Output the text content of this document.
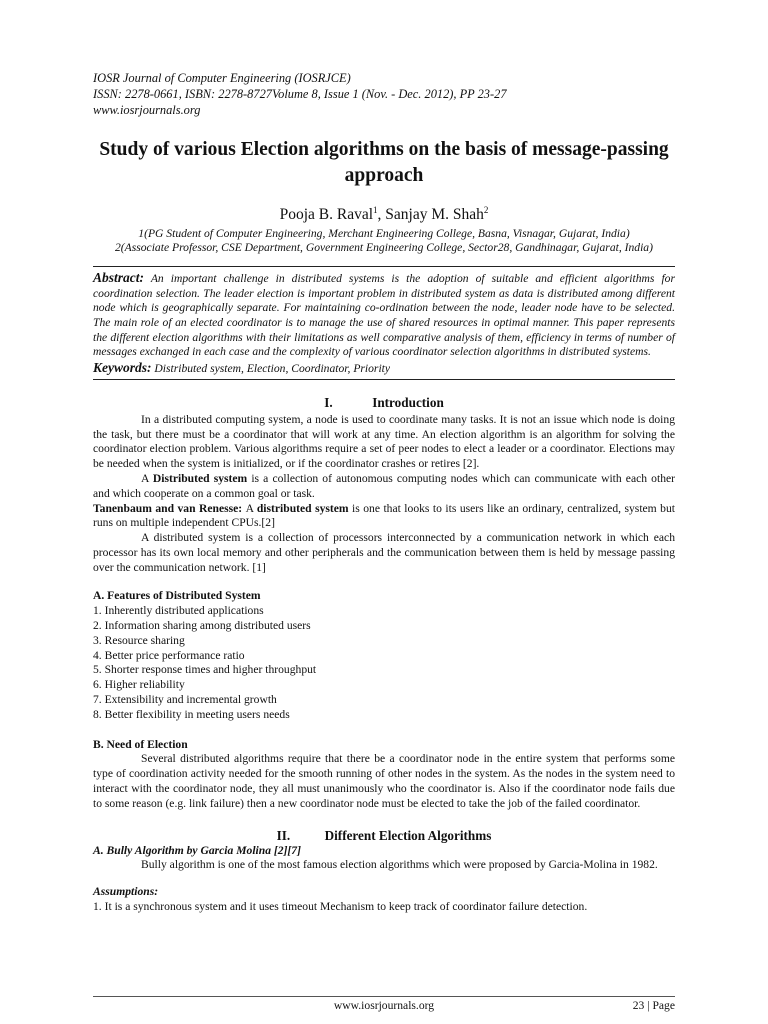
IOSR Journal of Computer Engineering (IOSRJCE)
ISSN: 2278-0661, ISBN: 2278-8727Volume 8, Issue 1 (Nov. - Dec. 2012), PP 23-27
www.iosrjournals.org
Study of various Election algorithms on the basis of message-passing approach
Pooja B. Raval$^1$, Sanjay M. Shah$^2$
1(PG Student of Computer Engineering, Merchant Engineering College, Basna, Visnagar, Gujarat, India)
2(Associate Professor, CSE Department, Government Engineering College, Sector28, Gandhinagar, Gujarat, India)

Abstract: An important challenge in distributed systems is the adoption of suitable and efficient algorithms for coordination selection. The leader election is important problem in distributed system as data is distributed among different node which is geographically separate. For maintaining co-ordination between the node, leader node have to be selected. The main role of an elected coordinator is to manage the use of shared resources in optimal manner. This paper represents the different election algorithms with their limitations as well comparative analysis of them, efficiency in terms of number of messages exchanged in each case and the complexity of various coordinator selection algorithms in distributed systems.

Keywords: Distributed system, Election, Coordinator, Priority

I.	Introduction

In a distributed computing system, a node is used to coordinate many tasks. It is not an issue which node is doing the task, but there must be a coordinator that will work at any time. An election algorithm is an algorithm for solving the coordinator election problem. Various algorithms require a set of peer nodes to elect a leader or a coordinator. Elections may be needed when the system is initialized, or if the coordinator crashes or retires [2].

A Distributed system is a collection of autonomous computing nodes which can communicate with each other and which cooperate on a common goal or task.

Tanenbaum and van Renesse: A distributed system is one that looks to its users like an ordinary, centralized, system but runs on multiple independent CPUs.[2]

A distributed system is a collection of processors interconnected by a communication network in which each processor has its own local memory and other peripherals and the communication between them is held by message passing over the communication network. [1]

A. Features of Distributed System
1. Inherently distributed applications
2. Information sharing among distributed users
3. Resource sharing
4. Better price performance ratio
5. Shorter response times and higher throughput
6. Higher reliability
7. Extensibility and incremental growth
8. Better flexibility in meeting users needs
B. Need of Election

Several distributed algorithms require that there be a coordinator node in the entire system that performs some type of coordination activity needed for the smooth running of other nodes in the system. As the nodes in the system need to interact with the coordinator node, they all must unanimously who the coordinator is. Also if the coordinator node fails due to some reason (e.g. link failure) then a new coordinator node must be elected to take the job of the failed coordinator.

II.	Different Election Algorithms
A. Bully Algorithm by Garcia Molina [2][7]

Bully algorithm is one of the most famous election algorithms which were proposed by Garcia-Molina in 1982.

Assumptions:

1. It is a synchronous system and it uses timeout Mechanism to keep track of coordinator failure detection.

www.iosrjournals.org	23 | Page
